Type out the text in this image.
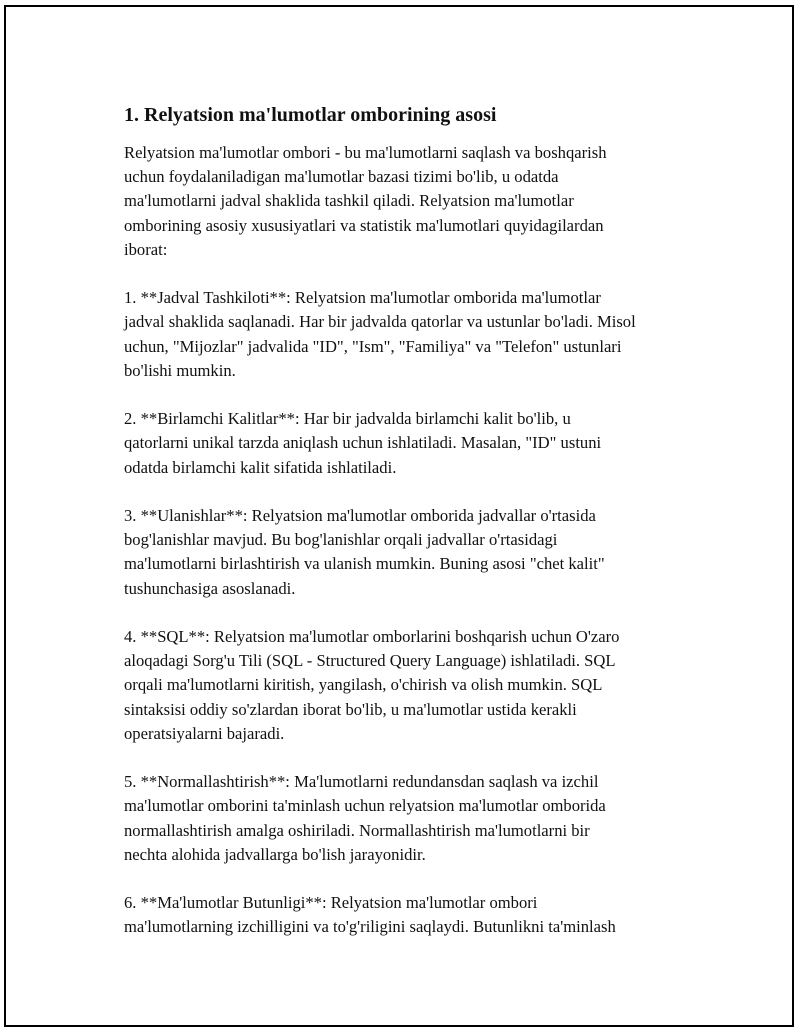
1. Relyatsion ma'lumotlar omborining asosi

Relyatsion ma'lumotlar ombori - bu ma'lumotlarni saqlash va boshqarish
uchun foydalaniladigan ma'lumotlar bazasi tizimi bo'lib, u odatda
ma'lumotlarni jadval shaklida tashkil qiladi. Relyatsion ma'lumotlar
omborining asosiy xususiyatlari va statistik ma'lumotlari quyidagilardan
iborat:

1. **Jadval Tashkiloti**: Relyatsion ma'lumotlar omborida ma'lumotlar
jadval shaklida saqlanadi. Har bir jadvalda qatorlar va ustunlar bo'ladi. Misol
uchun, "Mijozlar" jadvalida "ID", "Ism", "Familiya" va "Telefon" ustunlari
bo'lishi mumkin.

2. **Birlamchi Kalitlar**: Har bir jadvalda birlamchi kalit bo'lib, u
qatorlarni unikal tarzda aniqlash uchun ishlatiladi. Masalan, "ID" ustuni
odatda birlamchi kalit sifatida ishlatiladi.

3. **Ulanishlar**: Relyatsion ma'lumotlar omborida jadvallar o'rtasida
bog'lanishlar mavjud. Bu bog'lanishlar orqali jadvallar o'rtasidagi
ma'lumotlarni birlashtirish va ulanish mumkin. Buning asosi "chet kalit"
tushunchasiga asoslanadi.

4. **SQL**: Relyatsion ma'lumotlar omborlarini boshqarish uchun O'zaro
aloqadagi Sorg'u Tili (SQL - Structured Query Language) ishlatiladi. SQL
orqali ma'lumotlarni kiritish, yangilash, o'chirish va olish mumkin. SQL
sintaksisi oddiy so'zlardan iborat bo'lib, u ma'lumotlar ustida kerakli
operatsiyalarni bajaradi.

5. **Normallashtirish**: Ma'lumotlarni redundansdan saqlash va izchil
ma'lumotlar omborini ta'minlash uchun relyatsion ma'lumotlar omborida
normallashtirish amalga oshiriladi. Normallashtirish ma'lumotlarni bir
nechta alohida jadvallarga bo'lish jarayonidir.

6. **Ma'lumotlar Butunligi**: Relyatsion ma'lumotlar ombori
ma'lumotlarning izchilligini va to'g'riligini saqlaydi. Butunlikni ta'minlash
